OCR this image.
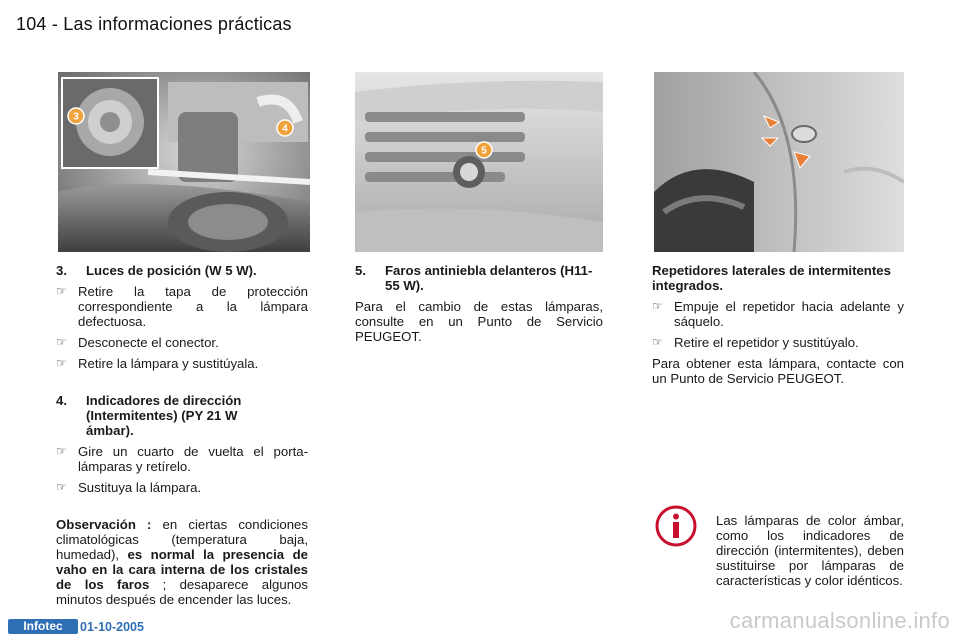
104 - Las informaciones prácticas
3
4
5
3.	Luces de posición (W 5 W).
☞ Retire la tapa de protección correspondiente a la lámpara defectuosa.
☞ Desconecte el conector.
☞ Retire la lámpara y sustitúyala.
4.	Indicadores de dirección (Intermitentes) (PY 21 W ámbar).
☞ Gire un cuarto de vuelta el porta-lámparas y retírelo.
☞ Sustituya la lámpara.

Observación : en ciertas condiciones climatológicas (temperatura baja, humedad), es normal la presencia de vaho en la cara interna de los cristales de los faros ; desaparece algunos minutos después de encender las luces.

5.	Faros antiniebla delanteros (H11-55 W).

Para el cambio de estas lámparas, consulte en un Punto de Servicio PEUGEOT.

Repetidores laterales de intermitentes integrados.
☞ Empuje el repetidor hacia adelante y sáquelo.
☞ Retire el repetidor y sustitúyalo.

Para obtener esta lámpara, contacte con un Punto de Servicio PEUGEOT.

Las lámparas de color ámbar, como los indicadores de dirección (intermitentes), deben sustituirse por lámparas de características y color idénticos.

Infotec	01-10-2005	carmanualsonline.info
